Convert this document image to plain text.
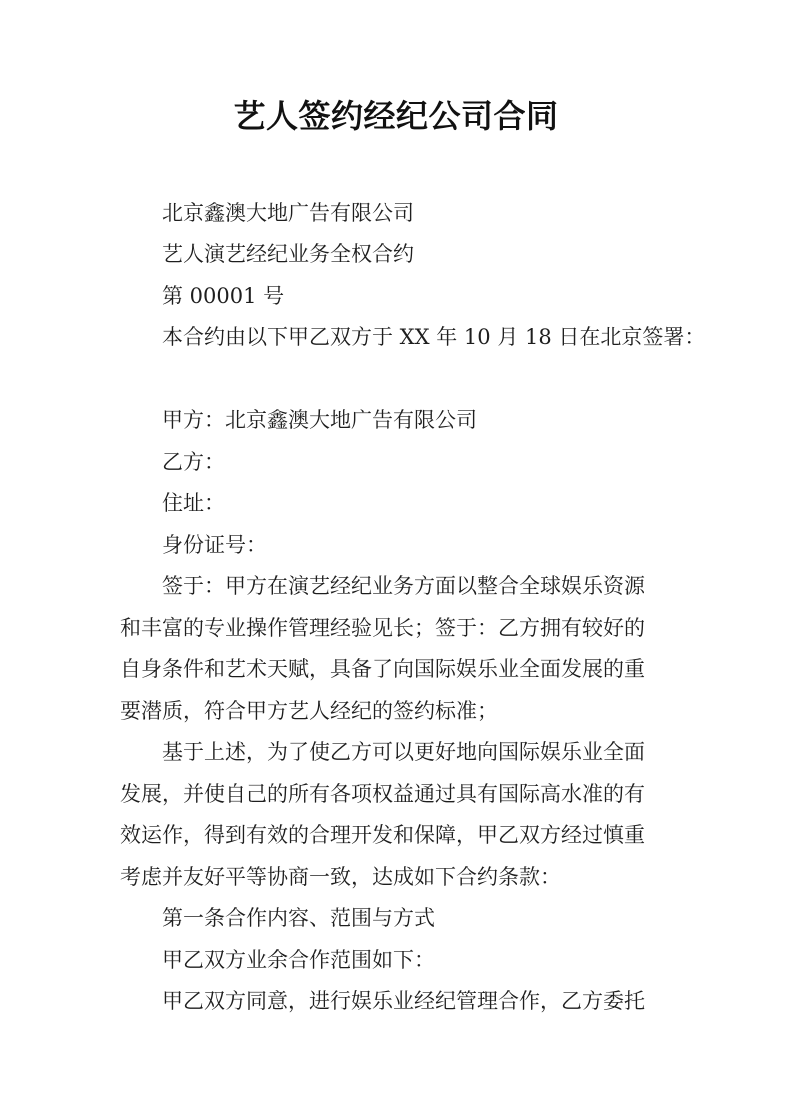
艺人签约经纪公司合同
北京鑫澳大地广告有限公司
艺人演艺经纪业务全权合约
第 00001 号
本合约由以下甲乙双方于 XX 年 10 月 18 日在北京签署：
甲方：北京鑫澳大地广告有限公司
乙方：
住址：
身份证号：
签于：甲方在演艺经纪业务方面以整合全球娱乐资源
和丰富的专业操作管理经验见长；签于：乙方拥有较好的
自身条件和艺术天赋，具备了向国际娱乐业全面发展的重
要潜质，符合甲方艺人经纪的签约标准；
基于上述，为了使乙方可以更好地向国际娱乐业全面
发展，并使自己的所有各项权益通过具有国际高水准的有
效运作，得到有效的合理开发和保障，甲乙双方经过慎重
考虑并友好平等协商一致，达成如下合约条款：
第一条合作内容、范围与方式
甲乙双方业余合作范围如下：
甲乙双方同意，进行娱乐业经纪管理合作，乙方委托
